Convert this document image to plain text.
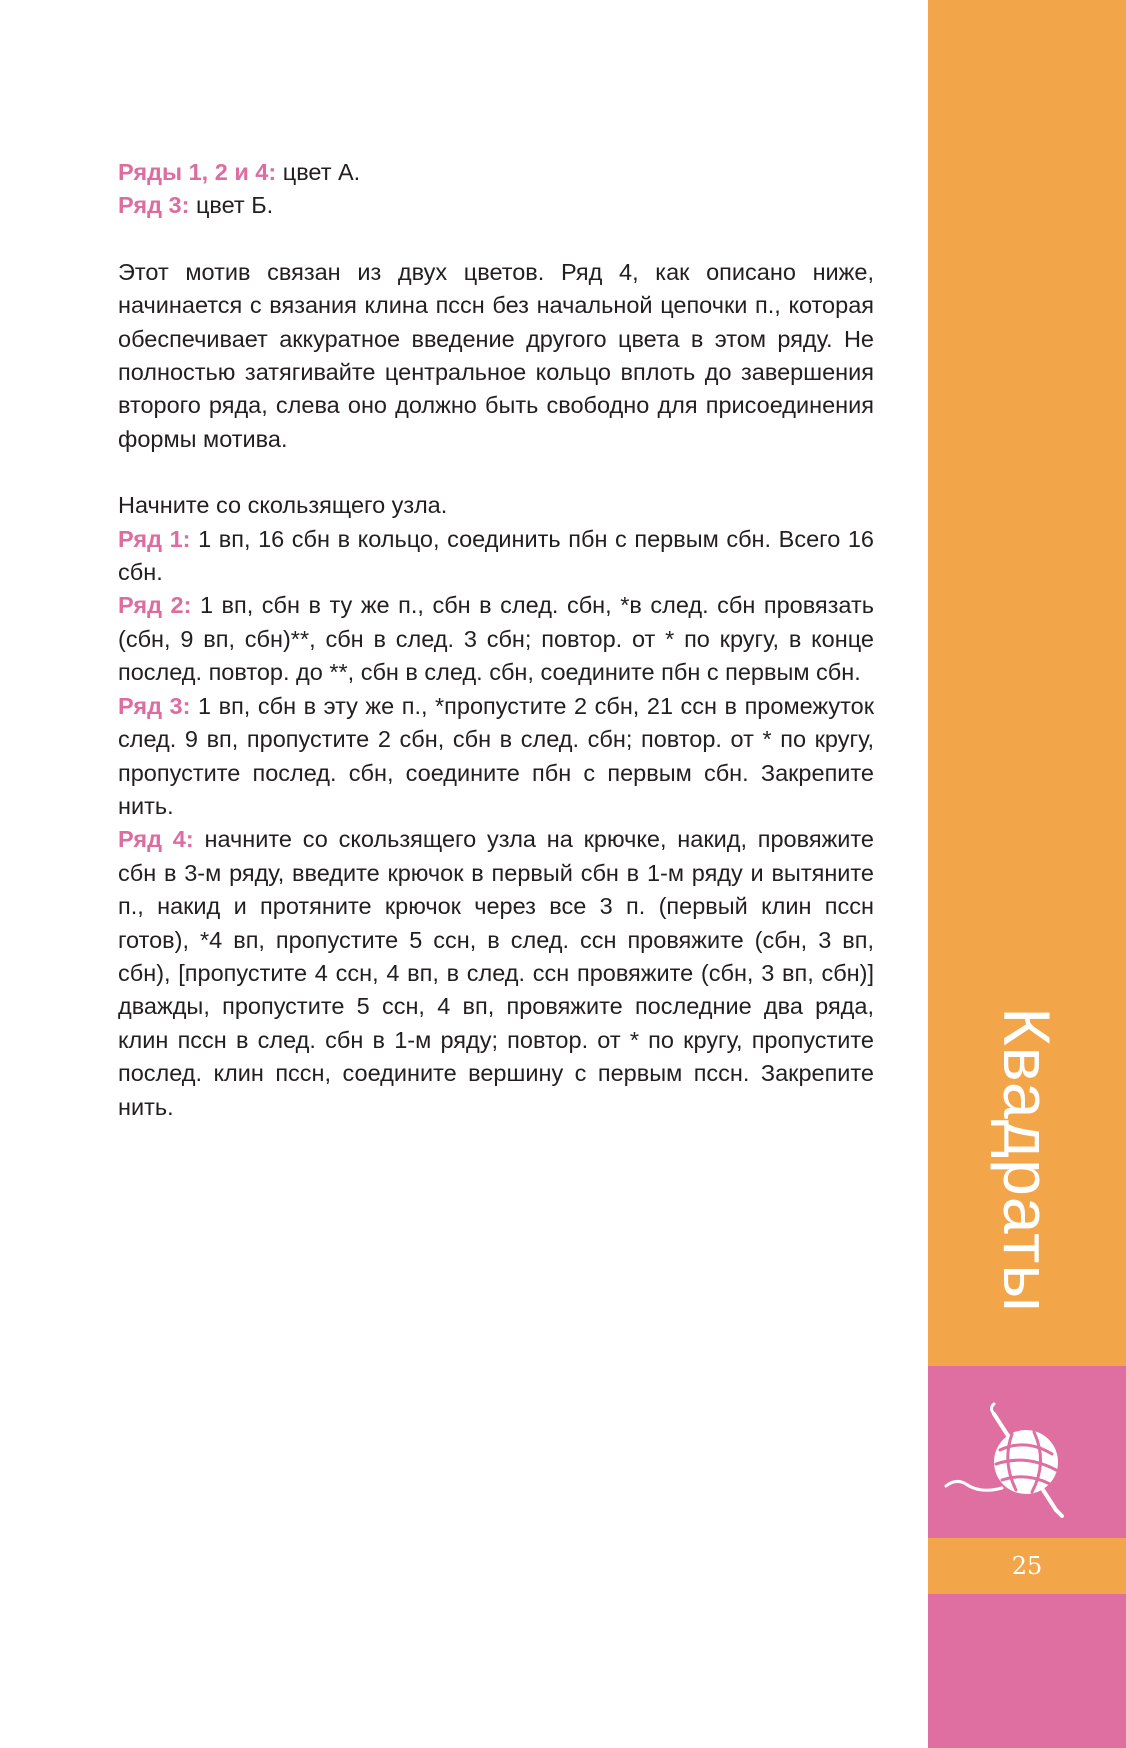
Ряды 1, 2 и 4: цвет А.

Ряд 3: цвет Б.

Этот мотив связан из двух цветов. Ряд 4, как описано ниже, начинается с вязания клина пссн без начальной цепочки п., которая обеспечивает аккуратное введение другого цвета в этом ряду. Не полностью затягивайте центральное кольцо вплоть до завершения второго ряда, слева оно должно быть свободно для присоединения формы мотива.

Начните со скользящего узла.

Ряд 1: 1 вп, 16 сбн в кольцо, соединить пбн с первым сбн. Всего 16 сбн.

Ряд 2: 1 вп, сбн в ту же п., сбн в след. сбн, *в след. сбн провязать (сбн, 9 вп, сбн)**, сбн в след. 3 сбн; повтор. от * по кругу, в конце послед. повтор. до **, сбн в след. сбн, соедините пбн с первым сбн.

Ряд 3: 1 вп, сбн в эту же п., *пропустите 2 сбн, 21 ссн в промежуток след. 9 вп, пропустите 2 сбн, сбн в след. сбн; повтор. от * по кругу, пропустите послед. сбн, соедините пбн с первым сбн. Закрепите нить.

Ряд 4: начните со скользящего узла на крючке, накид, провяжите сбн в 3-м ряду, введите крючок в первый сбн в 1-м ряду и вытяните п., накид и протяните крючок через все 3 п. (первый клин пссн готов), *4 вп, пропустите 5 ссн, в след. ссн провяжите (сбн, 3 вп, сбн), [пропустите 4 ссн, 4 вп, в след. ссн провяжите (сбн, 3 вп, сбн)] дважды, пропустите 5 ссн, 4 вп, провяжите последние два ряда, клин пссн в след. сбн в 1-м ряду; повтор. от * по кругу, пропустите послед. клин пссн, соедините вершину с первым пссн. Закрепите нить.	Квадраты
25
